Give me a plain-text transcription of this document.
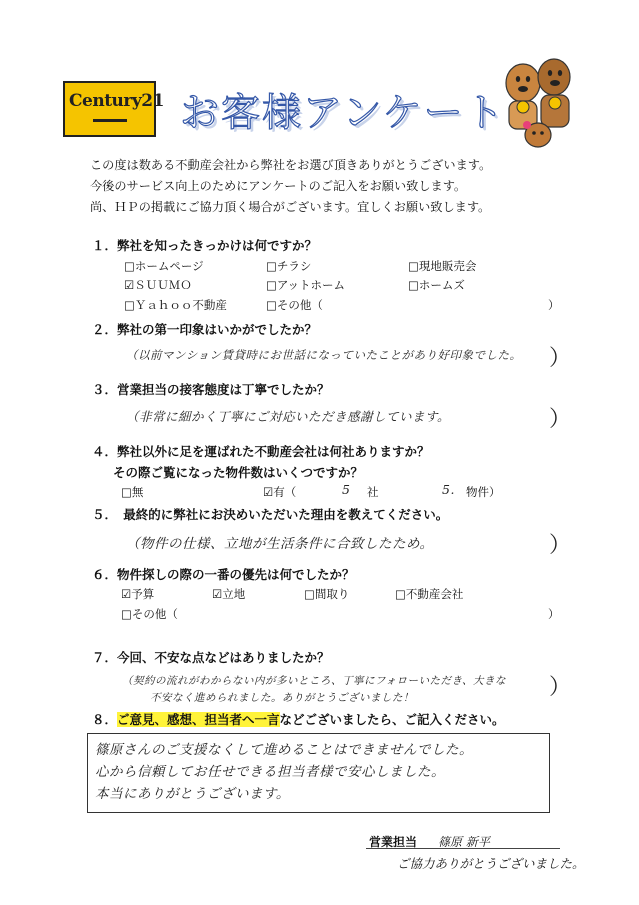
Century21 お客様アンケート
この度は数ある不動産会社から弊社をお選び頂きありがとうございます。
今後のサービス向上のためにアンケートのご記入をお願い致します。
尚、ＨＰの掲載にご協力頂く場合がございます。宜しくお願い致します。
１．弊社を知ったきっかけは何ですか？
□ホームページ	□チラシ	□現地販売会
☑ＳＵＵＭＯ	□アットホーム	□ホームズ
□Ｙａｈｏｏ不動産	□その他（	）
２．弊社の第一印象はいかがでしたか？
（以前マンション賃貸時にお世話になっていたことがあり好印象でした。 ）
３．営業担当の接客態度は丁寧でしたか？
（非常に細かく丁寧にご対応いただき感謝しています。	）
４．弊社以外に足を運ばれた不動産会社は何社ありますか？
その際ご覧になった物件数はいくつですか？
□無	☑有（	5 社	5. 物件）
５．　最終的に弊社にお決めいただいた理由を教えてください。
（物件の仕様、立地が生活条件に合致したため。	）
６．物件探しの際の一番の優先は何でしたか？
☑予算	☑立地	□間取り	□不動産会社
□その他（	）
７．今回、不安な点などはありましたか？
（契約の流れがわからない内が多いところ、丁寧にフォローいただき、大きな
不安なく進められました。ありがとうございました！	）
８．ご意見、感想、担当者へ一言などございましたら、ご記入ください。
篠原さんのご支援なくして進めることはできませんでした。
心から信頼してお任せできる担当者様で安心しました。
本当にありがとうございます。
営業担当 篠原 新平
ご協力ありがとうございました。
